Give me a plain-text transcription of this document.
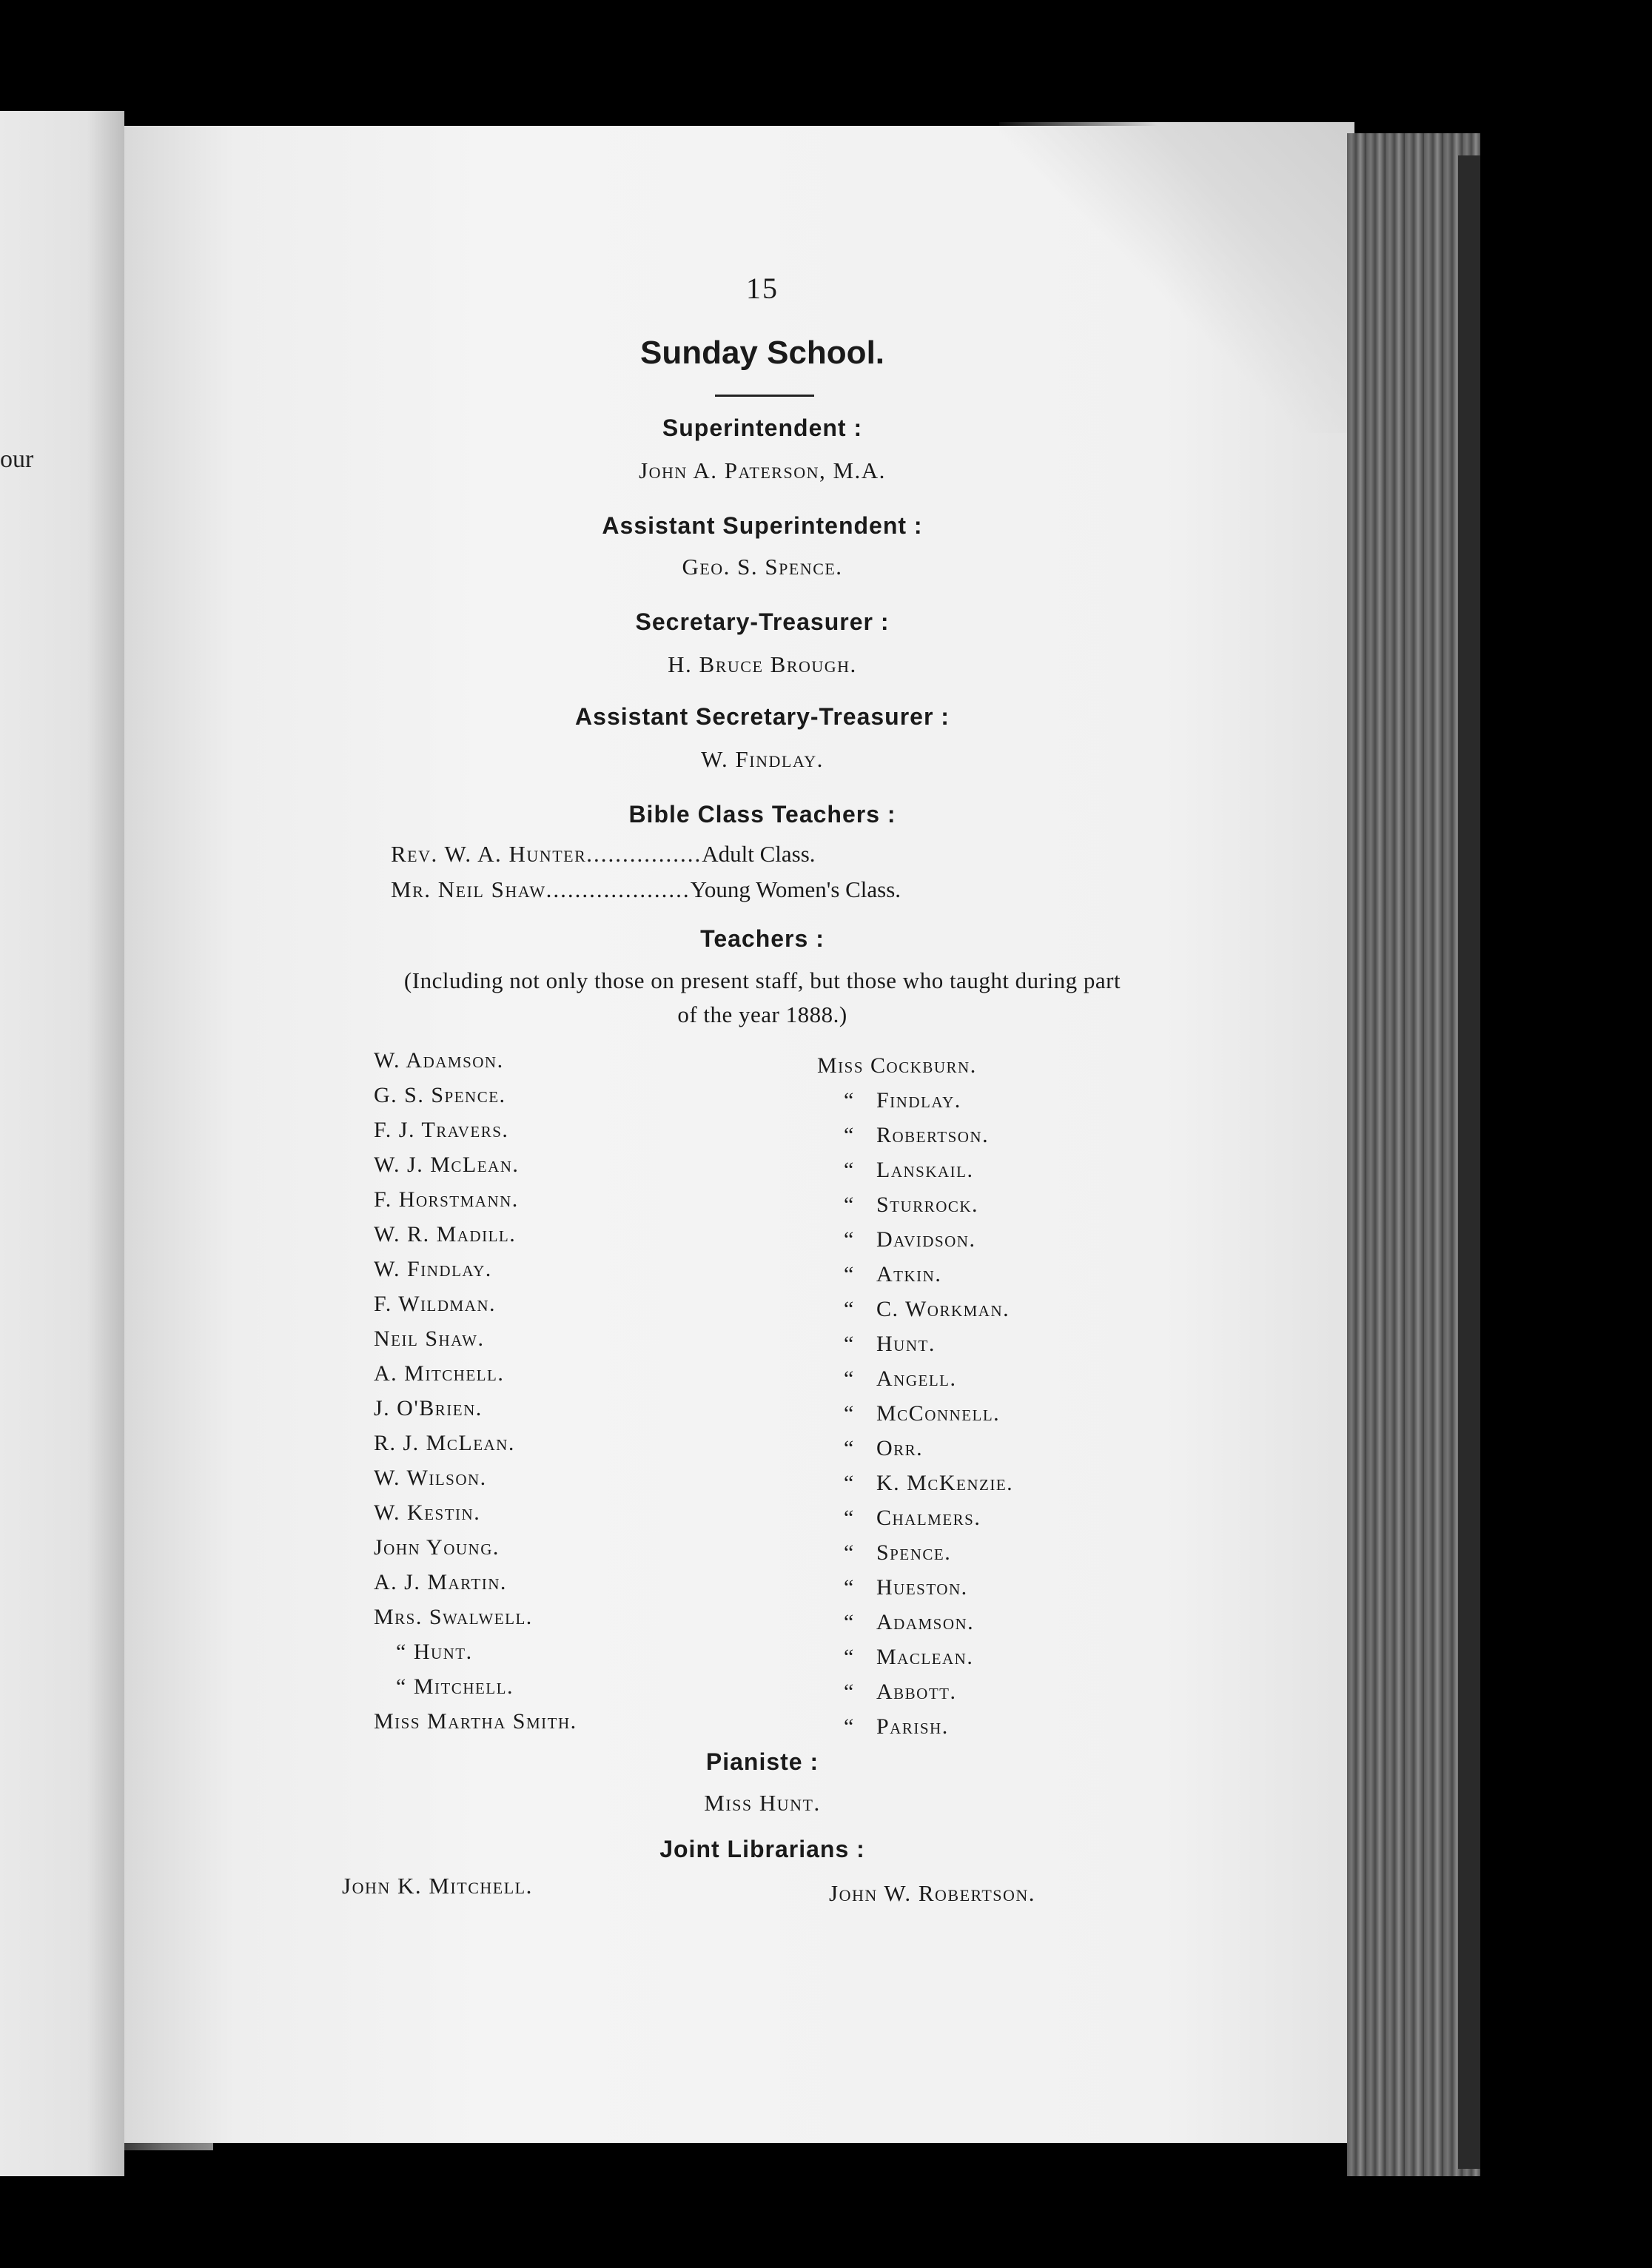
our
15
Sunday School.
Superintendent :
John A. Paterson, M.A.
Assistant Superintendent :
Geo. S. Spence.
Secretary-Treasurer :
H. Bruce Brough.
Assistant Secretary-Treasurer :
W. Findlay.
Bible Class Teachers :
Rev. W. A. Hunter................Adult Class.
Mr. Neil Shaw....................Young Women's Class.
Teachers :
(Including not only those on present staff, but those who taught during part
of the year 1888.)
W. Adamson.
G. S. Spence.
F. J. Travers.
W. J. McLean.
F. Horstmann.
W. R. Madill.
W. Findlay.
F. Wildman.
Neil Shaw.
A. Mitchell.
J. O'Brien.
R. J. McLean.
W. Wilson.
W. Kestin.
John Young.
A. J. Martin.
Mrs. Swalwell.
“ Hunt.
“ Mitchell.
Miss Martha Smith.
Miss Cockburn.
“ Findlay.
“ Robertson.
“ Lanskail.
“ Sturrock.
“ Davidson.
“ Atkin.
“ C. Workman.
“ Hunt.
“ Angell.
“ McConnell.
“ Orr.
“ K. McKenzie.
“ Chalmers.
“ Spence.
“ Hueston.
“ Adamson.
“ Maclean.
“ Abbott.
“ Parish.
Pianiste :
Miss Hunt.
Joint Librarians :
John K. Mitchell.	John W. Robertson.
